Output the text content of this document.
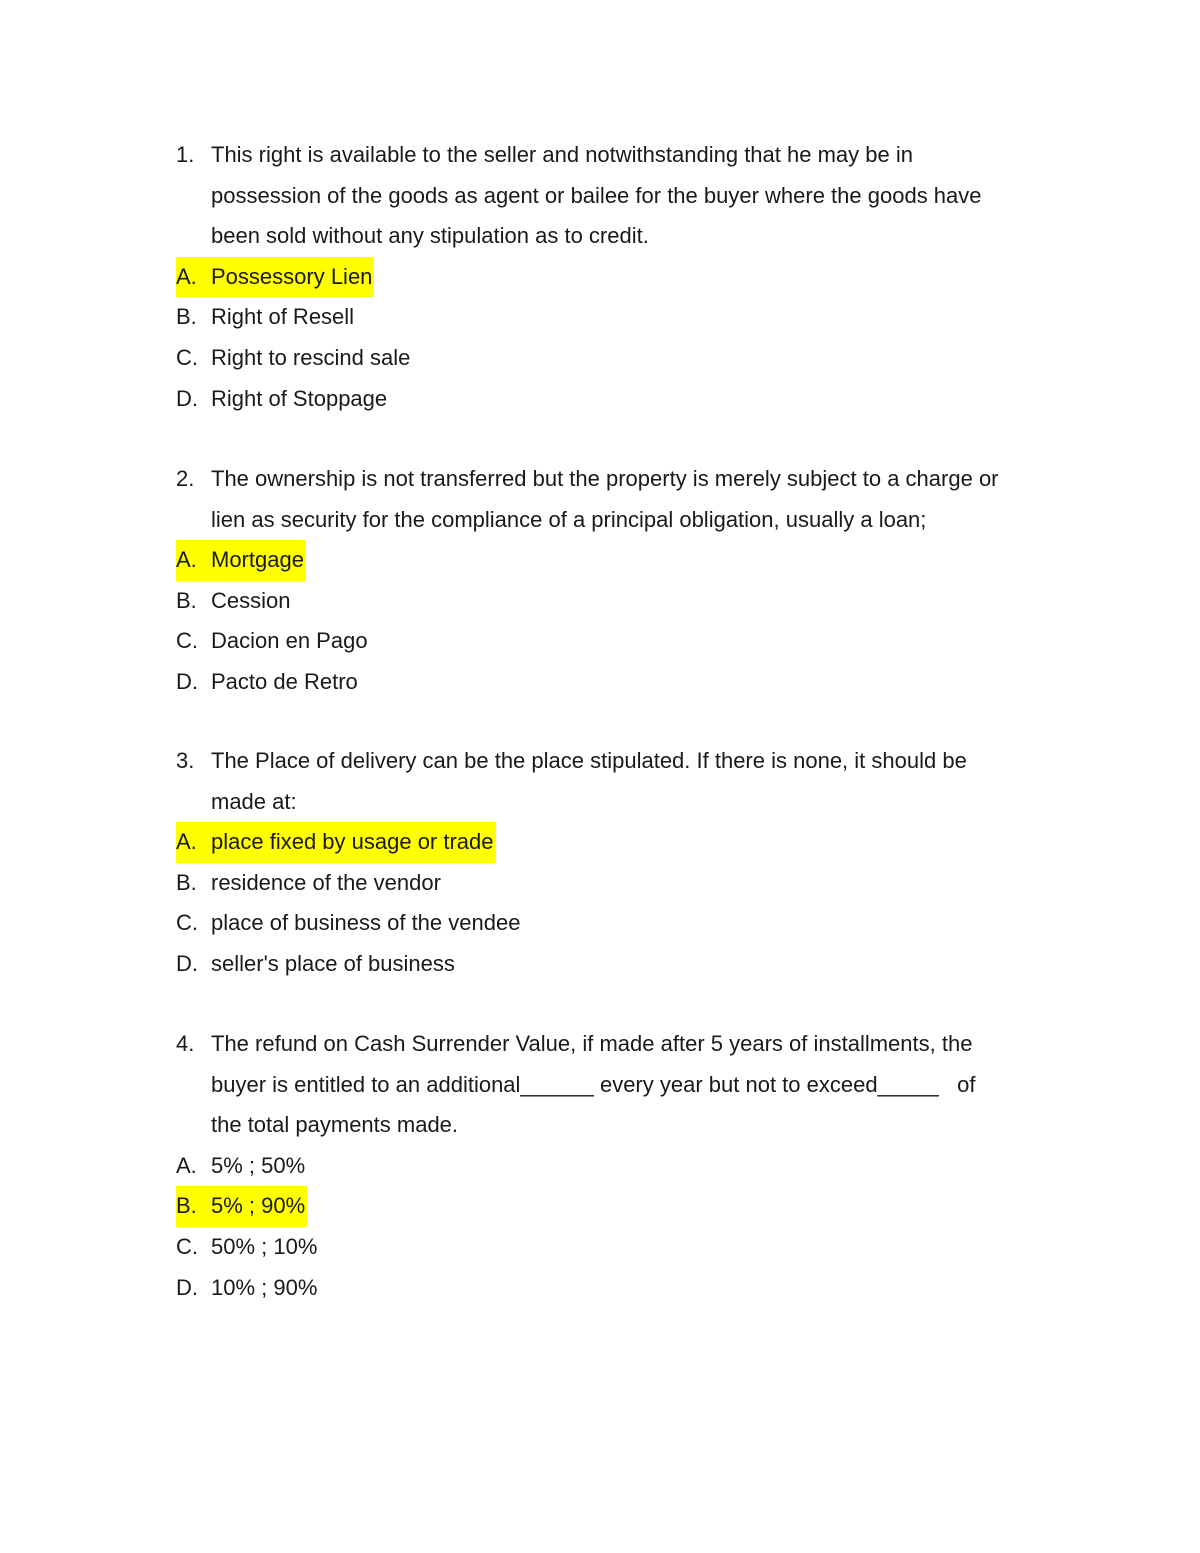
1. This right is available to the seller and notwithstanding that he may be in
possession of the goods as agent or bailee for the buyer where the goods have
been sold without any stipulation as to credit.
A. Possessory Lien
B. Right of Resell
C. Right to rescind sale
D. Right of Stoppage
2. The ownership is not transferred but the property is merely subject to a charge or
lien as security for the compliance of a principal obligation, usually a loan;
A. Mortgage
B. Cession
C. Dacion en Pago
D. Pacto de Retro
3. The Place of delivery can be the place stipulated. If there is none, it should be
made at:
A. place fixed by usage or trade
B. residence of the vendor
C. place of business of the vendee
D. seller's place of business
4. The refund on Cash Surrender Value, if made after 5 years of installments, the
buyer is entitled to an additional______ every year but not to exceed_____   of
the total payments made.
A. 5% ; 50%
B. 5% ; 90%
C. 50% ; 10%
D. 10% ; 90%
